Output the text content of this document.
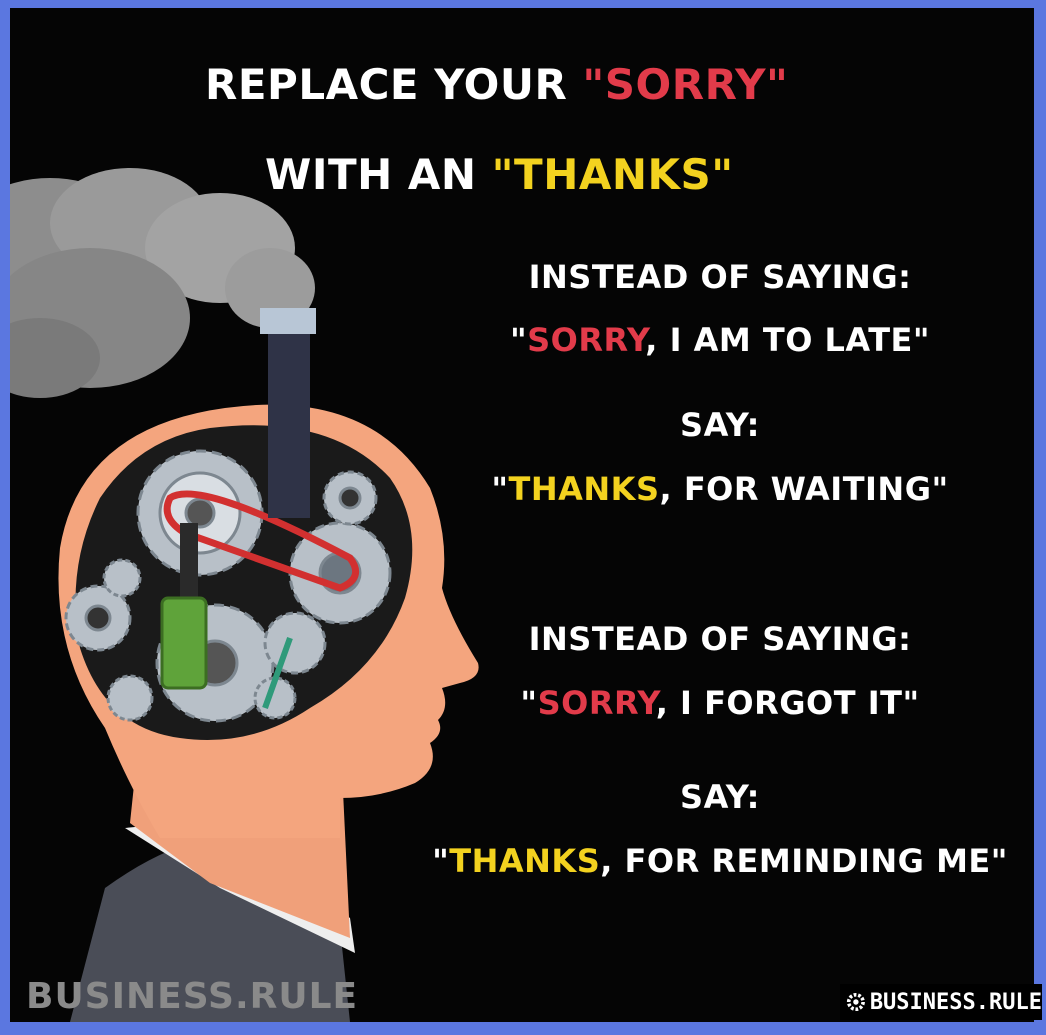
REPLACE YOUR "SORRY"
WITH AN "THANKS"
INSTEAD OF SAYING:
"SORRY, I AM TO LATE"
SAY:
"THANKS, FOR WAITING"
INSTEAD OF SAYING:
"SORRY, I FORGOT IT"
SAY:
"THANKS, FOR REMINDING ME"
BUSINESS.RULE	BUSINESS.RULE
